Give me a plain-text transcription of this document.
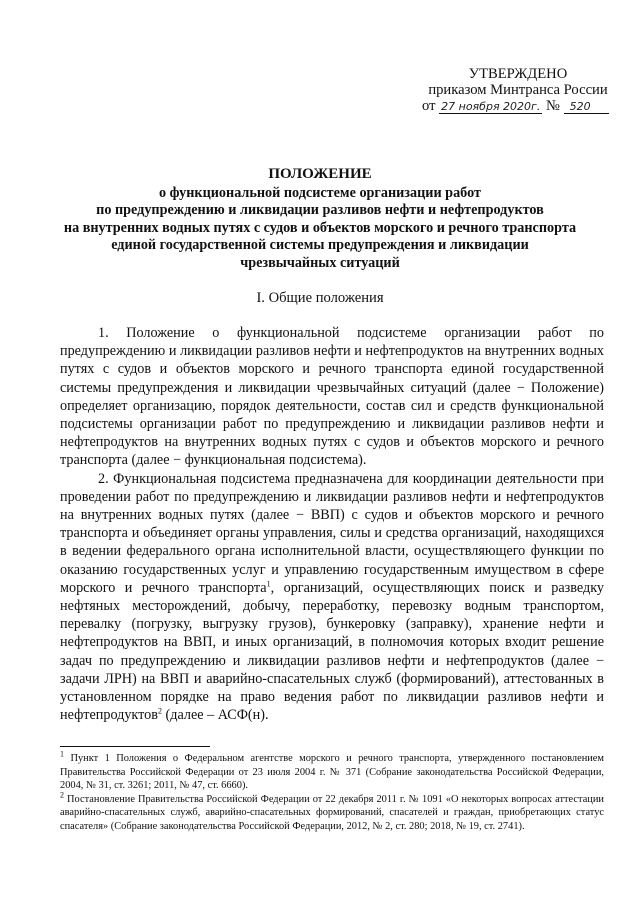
УТВЕРЖДЕНО
приказом Минтранса России
от 27 ноября 2020г. № 520
ПОЛОЖЕНИЕ
о функциональной подсистеме организации работ
по предупреждению и ликвидации разливов нефти и нефтепродуктов
на внутренних водных путях с судов и объектов морского и речного транспорта
единой государственной системы предупреждения и ликвидации
чрезвычайных ситуаций
I. Общие положения

1. Положение о функциональной подсистеме организации работ по предупреждению и ликвидации разливов нефти и нефтепродуктов на внутренних водных путях с судов и объектов морского и речного транспорта единой государственной системы предупреждения и ликвидации чрезвычайных ситуаций (далее − Положение) определяет организацию, порядок деятельности, состав сил и средств функциональной подсистемы организации работ по предупреждению и ликвидации разливов нефти и нефтепродуктов на внутренних водных путях с судов и объектов морского и речного транспорта (далее − функциональная подсистема).

2. Функциональная подсистема предназначена для координации деятельности при проведении работ по предупреждению и ликвидации разливов нефти и нефтепродуктов на внутренних водных путях (далее − ВВП) с судов и объектов морского и речного транспорта и объединяет органы управления, силы и средства организаций, находящихся в ведении федерального органа исполнительной власти, осуществляющего функции по оказанию государственных услуг и управлению государственным имуществом в сфере морского и речного транспорта$^1$, организаций, осуществляющих поиск и разведку нефтяных месторождений, добычу, переработку, перевозку водным транспортом, перевалку (погрузку, выгрузку грузов), бункеровку (заправку), хранение нефти и нефтепродуктов на ВВП, и иных организаций, в полномочия которых входит решение задач по предупреждению и ликвидации разливов нефти и нефтепродуктов (далее − задачи ЛРН) на ВВП и аварийно-спасательных служб (формирований), аттестованных в установленном порядке на право ведения работ по ликвидации разливов нефти и нефтепродуктов$^2$ (далее – АСФ(н).

$^1$ Пункт 1 Положения о Федеральном агентстве морского и речного транспорта, утвержденного постановлением Правительства Российской Федерации от 23 июля 2004 г. № 371 (Собрание законодательства Российской Федерации, 2004, № 31, ст. 3261; 2011, № 47, ст. 6660).

$^2$ Постановление Правительства Российской Федерации от 22 декабря 2011 г. № 1091 «О некоторых вопросах аттестации аварийно-спасательных служб, аварийно-спасательных формирований, спасателей и граждан, приобретающих статус спасателя» (Собрание законодательства Российской Федерации, 2012, № 2, ст. 280; 2018, № 19, ст. 2741).
